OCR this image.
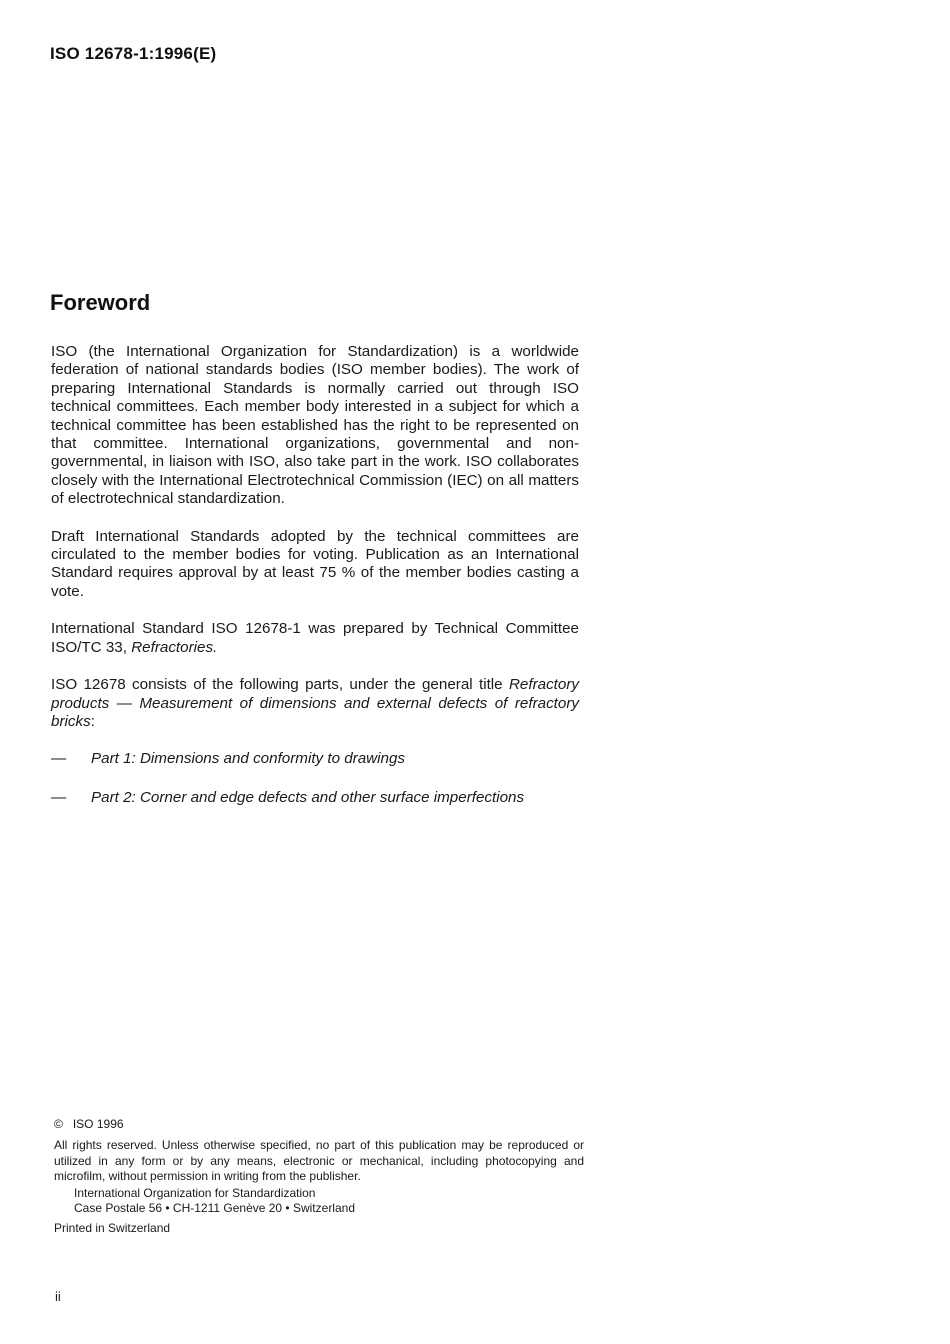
ISO 12678-1:1996(E)
Foreword

ISO (the International Organization for Standardization) is a worldwide federation of national standards bodies (ISO member bodies). The work of preparing International Standards is normally carried out through ISO technical committees. Each member body interested in a subject for which a technical committee has been established has the right to be represented on that committee. International organizations, governmental and non-governmental, in liaison with ISO, also take part in the work. ISO collaborates closely with the International Electrotechnical Commission (IEC) on all matters of electrotechnical standardization.

Draft International Standards adopted by the technical committees are circulated to the member bodies for voting. Publication as an International Standard requires approval by at least 75 % of the member bodies casting a vote.

International Standard ISO 12678-1 was prepared by Technical Committee ISO/TC 33, Refractories.

ISO 12678 consists of the following parts, under the general title Refractory products — Measurement of dimensions and external defects of refractory bricks:

—	Part 1: Dimensions and conformity to drawings
—	Part 2: Corner and edge defects and other surface imperfections

©   ISO 1996

All rights reserved. Unless otherwise specified, no part of this publication may be reproduced or utilized in any form or by any means, electronic or mechanical, including photocopying and microfilm, without permission in writing from the publisher.

International Organization for Standardization

Case Postale 56 • CH-1211 Genève 20 • Switzerland

Printed in Switzerland

ii
